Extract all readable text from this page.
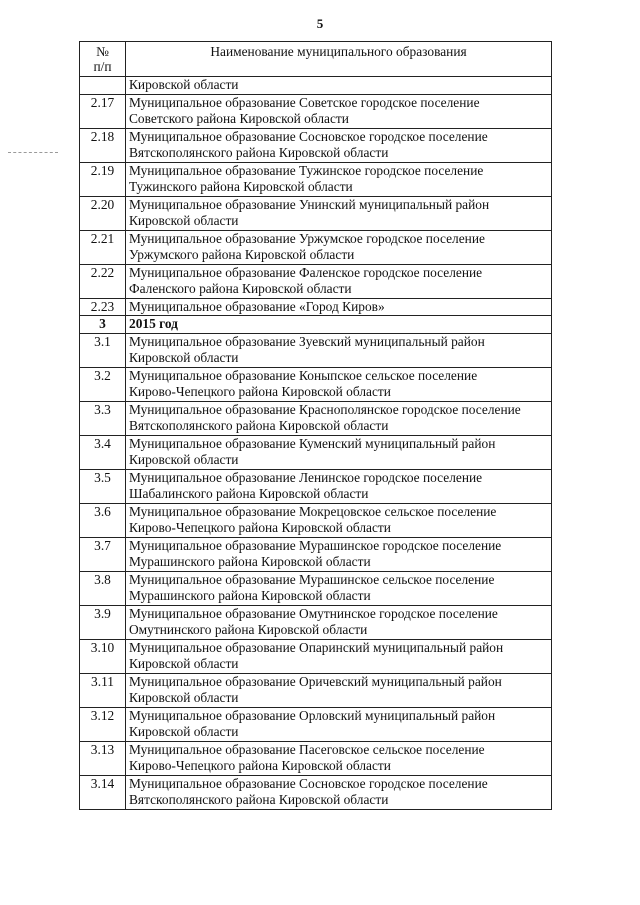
5
№
п/п	Наименование муниципального образования

	Кировской области

2.17	Муниципальное образование Советское городское поселение
Советского района Кировской области

2.18	Муниципальное образование Сосновское городское поселение
Вятскополянского района Кировской области

2.19	Муниципальное образование Тужинское городское поселение
Тужинского района Кировской области

2.20	Муниципальное образование Унинский муниципальный район
Кировской области

2.21	Муниципальное образование Уржумское городское поселение
Уржумского района Кировской области

2.22	Муниципальное образование Фаленское городское поселение
Фаленского района Кировской области

2.23	Муниципальное образование «Город Киров»

3	2015 год

3.1	Муниципальное образование Зуевский муниципальный район
Кировской области

3.2	Муниципальное образование Коныпское сельское поселение
Кирово-Чепецкого района Кировской области

3.3	Муниципальное образование Краснополянское городское поселение
Вятскополянского района Кировской области

3.4	Муниципальное образование Куменский муниципальный район
Кировской области

3.5	Муниципальное образование Ленинское городское поселение
Шабалинского района Кировской области

3.6	Муниципальное образование Мокрецовское сельское поселение
Кирово-Чепецкого района Кировской области

3.7	Муниципальное образование Мурашинское городское поселение
Мурашинского района Кировской области

3.8	Муниципальное образование Мурашинское сельское поселение
Мурашинского района Кировской области

3.9	Муниципальное образование Омутнинское городское поселение
Омутнинского района Кировской области

3.10	Муниципальное образование Опаринский муниципальный район
Кировской области

3.11	Муниципальное образование Оричевский муниципальный район
Кировской области

3.12	Муниципальное образование Орловский муниципальный район
Кировской области

3.13	Муниципальное образование Пасеговское сельское поселение
Кирово-Чепецкого района Кировской области

3.14	Муниципальное образование Сосновское городское поселение
Вятскополянского района Кировской области
